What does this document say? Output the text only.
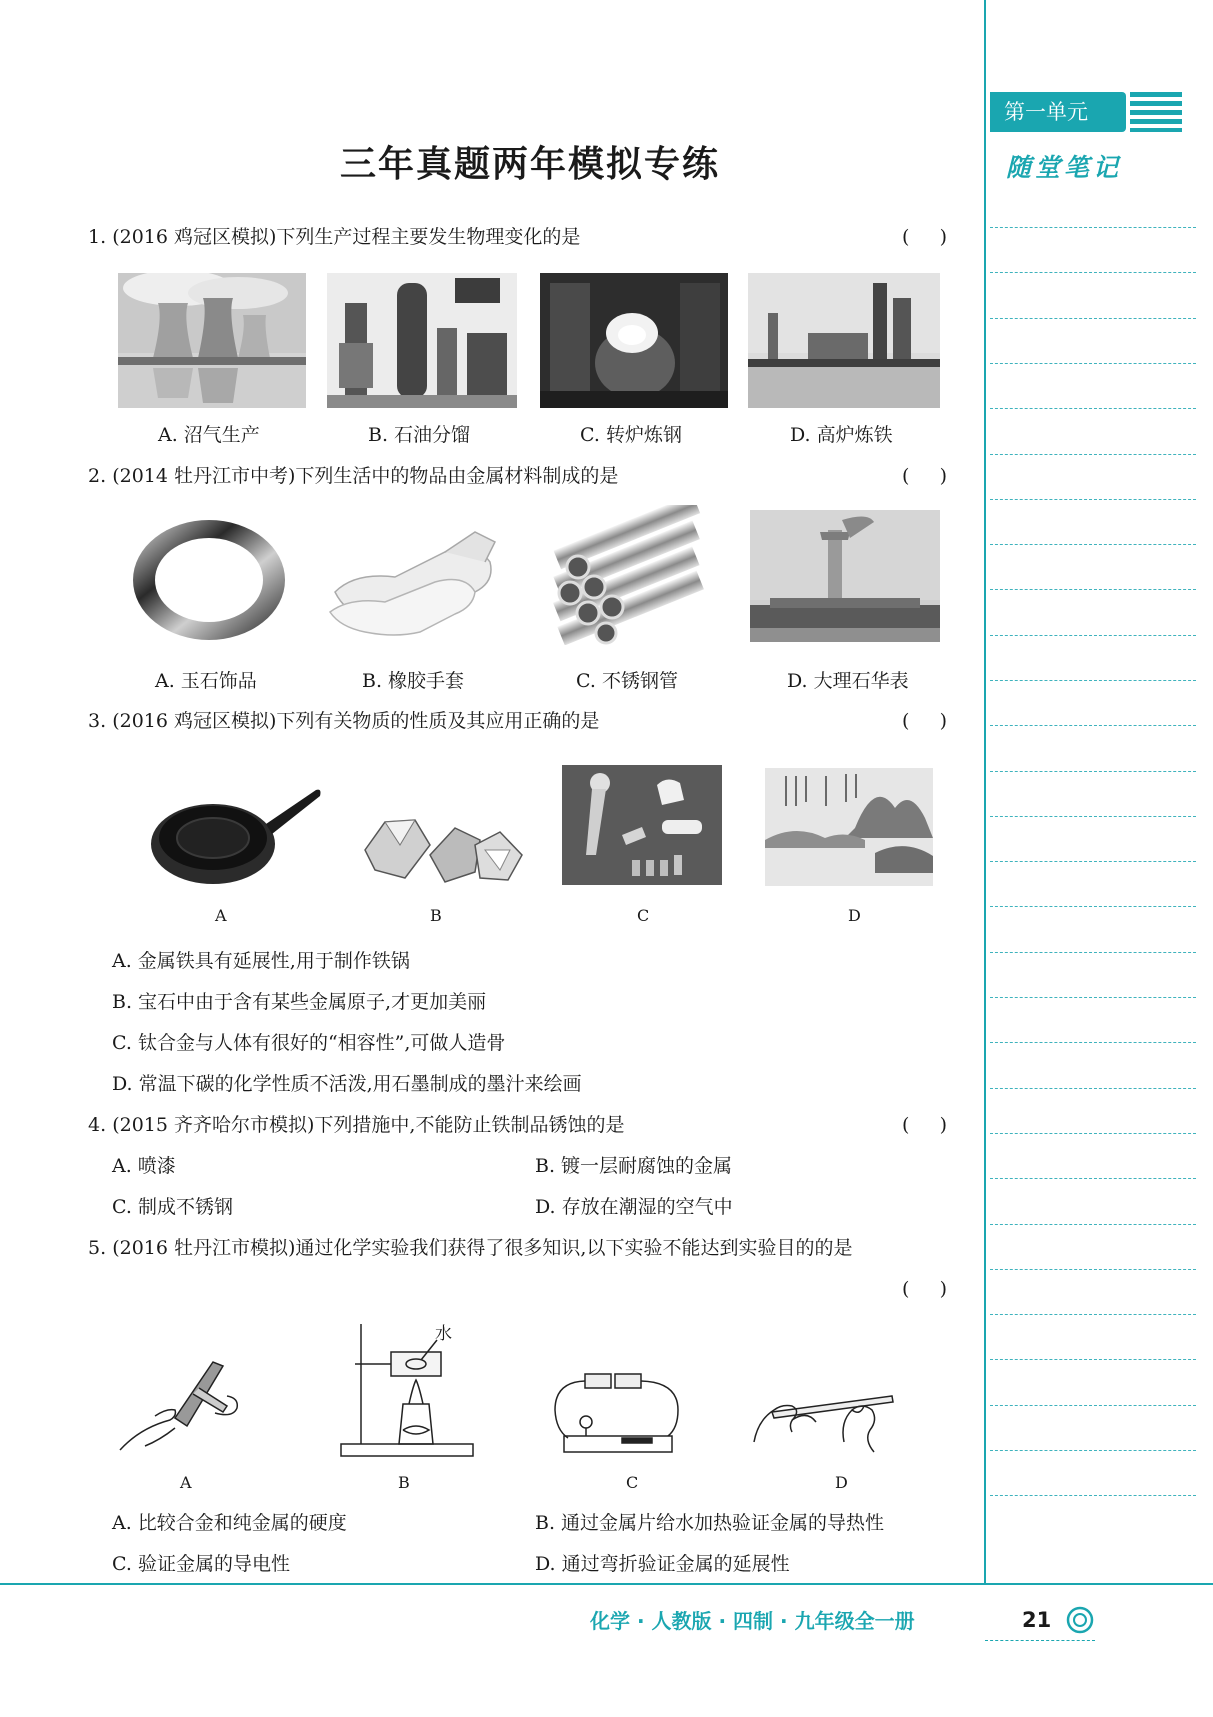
第一单元
随堂笔记
三年真题两年模拟专练
1. (2016 鸡冠区模拟)下列生产过程主要发生物理变化的是	(     )
A. 沼气生产	B. 石油分馏	C. 转炉炼钢	D. 高炉炼铁
2. (2014 牡丹江市中考)下列生活中的物品由金属材料制成的是	(     )
A. 玉石饰品	B. 橡胶手套	C. 不锈钢管	D. 大理石华表
3. (2016 鸡冠区模拟)下列有关物质的性质及其应用正确的是	(     )
A	B	C	D
A. 金属铁具有延展性,用于制作铁锅
B. 宝石中由于含有某些金属原子,才更加美丽
C. 钛合金与人体有很好的“相容性”,可做人造骨
D. 常温下碳的化学性质不活泼,用石墨制成的墨汁来绘画
4. (2015 齐齐哈尔市模拟)下列措施中,不能防止铁制品锈蚀的是	(     )
A. 喷漆	B. 镀一层耐腐蚀的金属
C. 制成不锈钢	D. 存放在潮湿的空气中
5. (2016 牡丹江市模拟)通过化学实验我们获得了很多知识,以下实验不能达到实验目的的是
(     )
水
A	B	C	D
A. 比较合金和纯金属的硬度	B. 通过金属片给水加热验证金属的导热性
C. 验证金属的导电性	D. 通过弯折验证金属的延展性
化学 · 人教版 · 四制 · 九年级全一册	21
